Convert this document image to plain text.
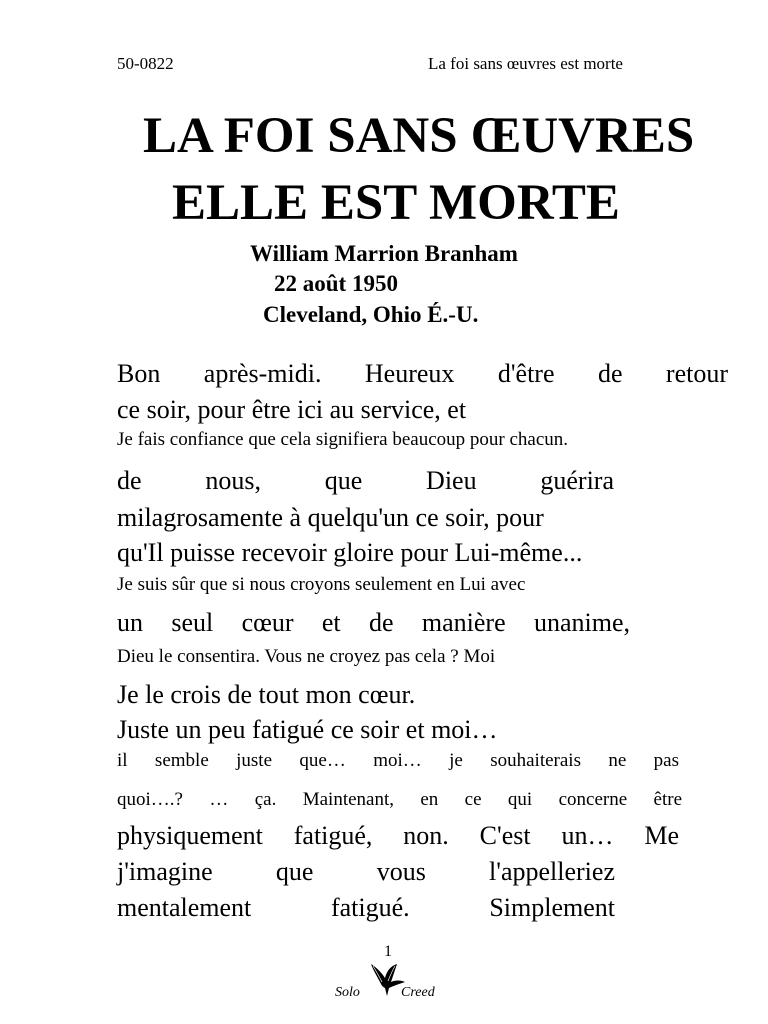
50-0822	La foi sans œuvres est morte
LA FOI SANS ŒUVRES
ELLE EST MORTE
William Marrion Branham
22 août 1950
Cleveland, Ohio É.-U.
Bon après-midi. Heureux d'être de retour
ce soir, pour être ici au service, et
Je fais confiance que cela signifiera beaucoup pour chacun.
de nous, que Dieu guérira
milagrosamente à quelqu'un ce soir, pour
qu'Il puisse recevoir gloire pour Lui-même...
Je suis sûr que si nous croyons seulement en Lui avec
un seul cœur et de manière unanime,
Dieu le consentira. Vous ne croyez pas cela ? Moi
Je le crois de tout mon cœur.
Juste un peu fatigué ce soir et moi…
il semble juste que… moi… je souhaiterais ne pas
quoi….? … ça. Maintenant, en ce qui concerne être
physiquement fatigué, non. C'est un… Me
j'imagine que vous l'appelleriez
mentalement fatigué. Simplement
1
Solo	Creed
